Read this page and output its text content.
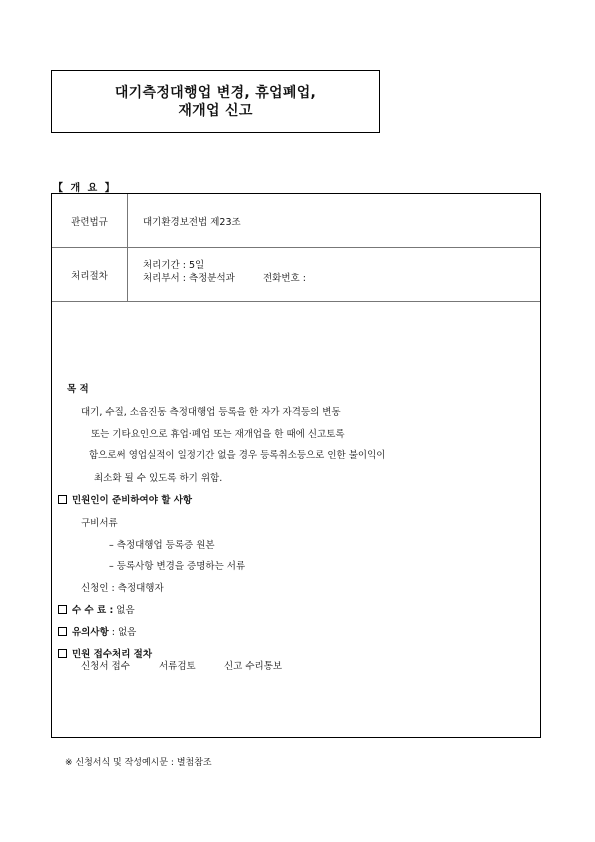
대기측정대행업 변경, 휴업폐업,
재개업 신고
【 개 요 】
관련법규	대기환경보전법 제23조
처리절차
처리기간 : 5일
처리부서 : 측정분석과	전화번호 :
목 적
대기, 수질, 소음진동 측정대행업 등록을 한 자가 자격등의 변동
또는 기타요인으로 휴업·폐업 또는 재개업을 한 때에 신고토록
함으로써 영업실적이 일정기간 없을 경우 등록취소등으로 인한 불이익이
최소화 될 수 있도록 하기 위함.
민원인이 준비하여야 할 사항
구비서류
– 측정대행업 등록증 원본
– 등록사항 변경을 증명하는 서류
신청인 : 측정대행자
수 수 료 : 없음
유의사항 : 없음
민원 접수처리 절차
신청서 접수	서류검토	신고 수리통보
※ 신청서식 및 작성예시문 : 별첨참조
